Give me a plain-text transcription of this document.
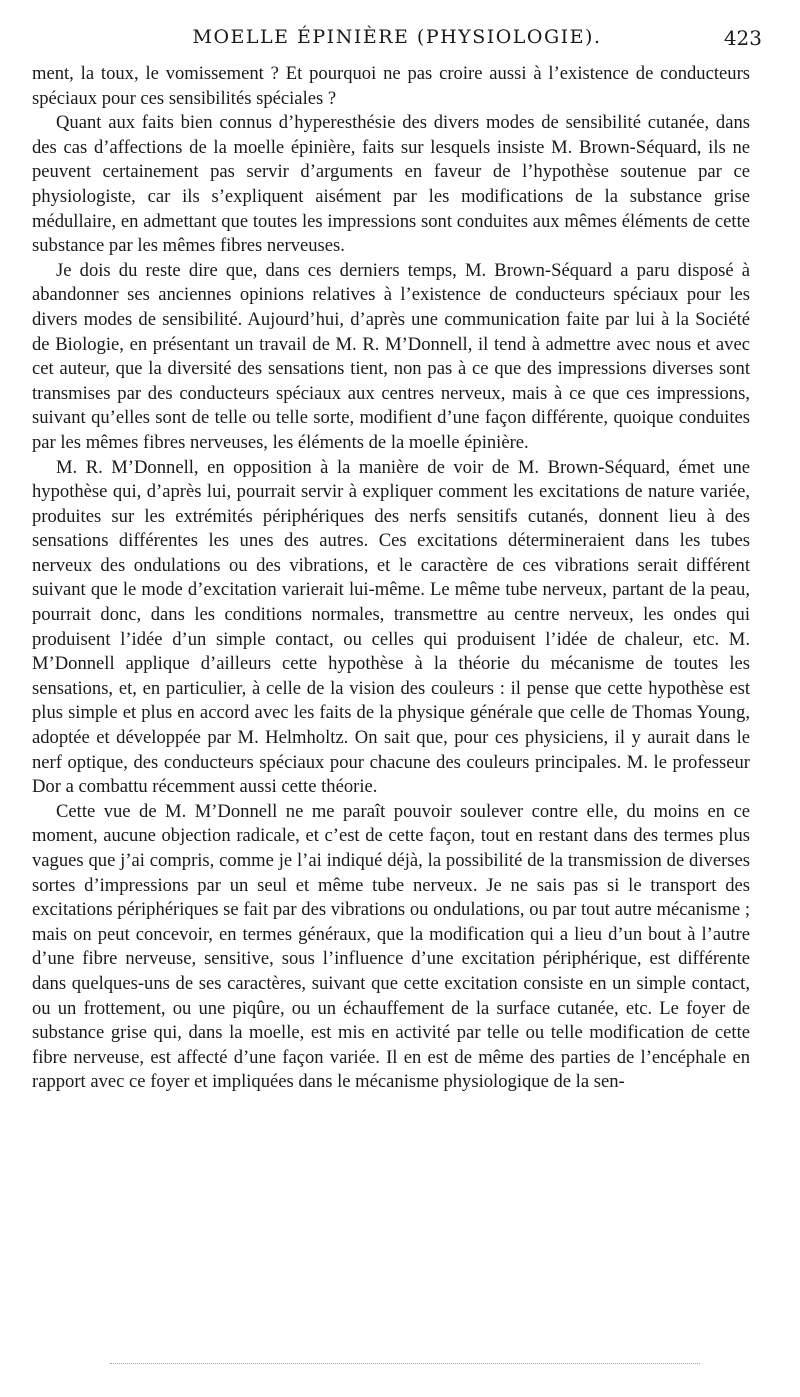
MOELLE ÉPINIÈRE (PHYSIOLOGIE).	423

ment, la toux, le vomissement ? Et pourquoi ne pas croire aussi à l’existence de conducteurs spéciaux pour ces sensibilités spéciales ?

Quant aux faits bien connus d’hyperesthésie des divers modes de sensibilité cutanée, dans des cas d’affections de la moelle épinière, faits sur lesquels insiste M. Brown-Séquard, ils ne peuvent certainement pas servir d’arguments en faveur de l’hypothèse soutenue par ce physiologiste, car ils s’expliquent aisément par les modifications de la substance grise médullaire, en admettant que toutes les impressions sont conduites aux mêmes éléments de cette substance par les mêmes fibres nerveuses.

Je dois du reste dire que, dans ces derniers temps, M. Brown-Séquard a paru disposé à abandonner ses anciennes opinions relatives à l’existence de conducteurs spéciaux pour les divers modes de sensibilité. Aujourd’hui, d’après une communication faite par lui à la Société de Biologie, en présentant un travail de M. R. M’Donnell, il tend à admettre avec nous et avec cet auteur, que la diversité des sensations tient, non pas à ce que des impressions diverses sont transmises par des conducteurs spéciaux aux centres nerveux, mais à ce que ces impressions, suivant qu’elles sont de telle ou telle sorte, modifient d’une façon différente, quoique conduites par les mêmes fibres nerveuses, les éléments de la moelle épinière.

M. R. M’Donnell, en opposition à la manière de voir de M. Brown-Séquard, émet une hypothèse qui, d’après lui, pourrait servir à expliquer comment les excitations de nature variée, produites sur les extrémités périphériques des nerfs sensitifs cutanés, donnent lieu à des sensations différentes les unes des autres. Ces excitations détermineraient dans les tubes nerveux des ondulations ou des vibrations, et le caractère de ces vibrations serait différent suivant que le mode d’excitation varierait lui-même. Le même tube nerveux, partant de la peau, pourrait donc, dans les conditions normales, transmettre au centre nerveux, les ondes qui produisent l’idée d’un simple contact, ou celles qui produisent l’idée de chaleur, etc. M. M’Donnell applique d’ailleurs cette hypothèse à la théorie du mécanisme de toutes les sensations, et, en particulier, à celle de la vision des couleurs : il pense que cette hypothèse est plus simple et plus en accord avec les faits de la physique générale que celle de Thomas Young, adoptée et développée par M. Helmholtz. On sait que, pour ces physiciens, il y aurait dans le nerf optique, des conducteurs spéciaux pour chacune des couleurs principales. M. le professeur Dor a combattu récemment aussi cette théorie.

Cette vue de M. M’Donnell ne me paraît pouvoir soulever contre elle, du moins en ce moment, aucune objection radicale, et c’est de cette façon, tout en restant dans des termes plus vagues que j’ai compris, comme je l’ai indiqué déjà, la possibilité de la transmission de diverses sortes d’impressions par un seul et même tube nerveux. Je ne sais pas si le transport des excitations périphériques se fait par des vibrations ou ondulations, ou par tout autre mécanisme ; mais on peut concevoir, en termes généraux, que la modification qui a lieu d’un bout à l’autre d’une fibre nerveuse, sensitive, sous l’influence d’une excitation périphérique, est différente dans quelques-uns de ses caractères, suivant que cette excitation consiste en un simple contact, ou un frottement, ou une piqûre, ou un échauffement de la surface cutanée, etc. Le foyer de substance grise qui, dans la moelle, est mis en activité par telle ou telle modification de cette fibre nerveuse, est affecté d’une façon variée. Il en est de même des parties de l’encéphale en rapport avec ce foyer et impliquées dans le mécanisme physiologique de la sen-
